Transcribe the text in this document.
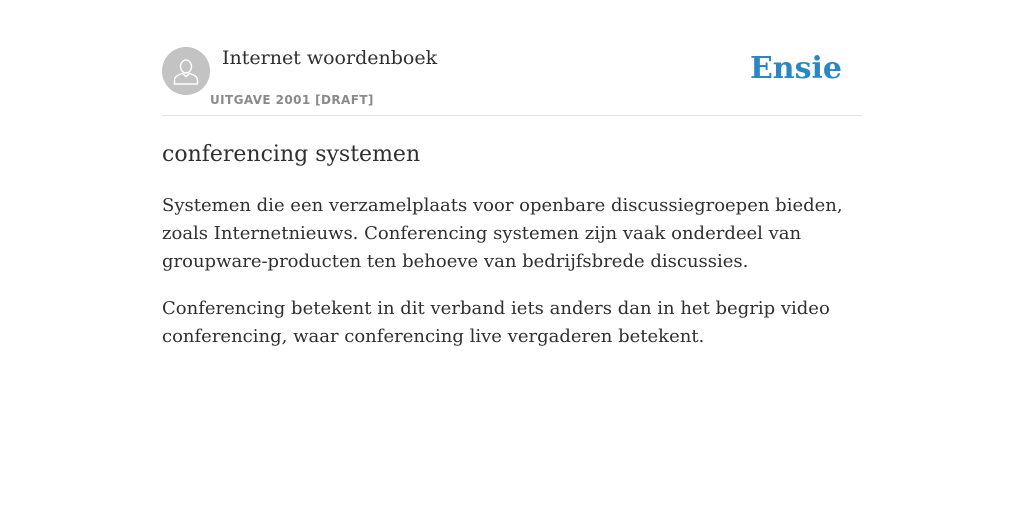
Internet woordenboek
UITGAVE 2001 [DRAFT]
Ensie
conferencing systemen

Systemen die een verzamelplaats voor openbare discussiegroepen bieden, zoals Internetnieuws. Conferencing systemen zijn vaak onderdeel van groupware-producten ten behoeve van bedrijfsbrede discussies.

Conferencing betekent in dit verband iets anders dan in het begrip video conferencing, waar conferencing live vergaderen betekent.
